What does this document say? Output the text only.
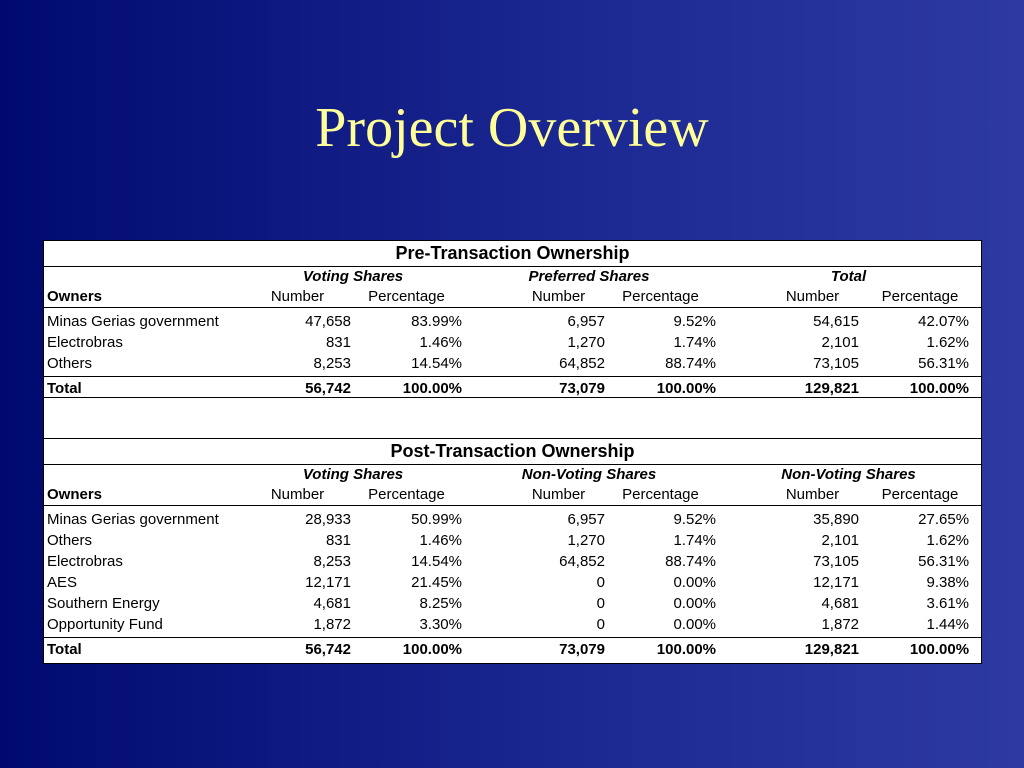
Project Overview
Pre-Transaction Ownership
	Voting Shares		Preferred Shares		Total	
Owners	Number	Percentage	Number	Percentage	Number	Percentage
Minas Gerias government	47,658	83.99%	6,957	9.52%	54,615	42.07%
Electrobras	831	1.46%	1,270	1.74%	2,101	1.62%
Others	8,253	14.54%	64,852	88.74%	73,105	56.31%
Total	56,742	100.00%	73,079	100.00%	129,821	100.00%
Post-Transaction Ownership
	Voting Shares		Non-Voting Shares		Non-Voting Shares	
Owners	Number	Percentage	Number	Percentage	Number	Percentage
Minas Gerias government	28,933	50.99%	6,957	9.52%	35,890	27.65%
Others	831	1.46%	1,270	1.74%	2,101	1.62%
Electrobras	8,253	14.54%	64,852	88.74%	73,105	56.31%
AES	12,171	21.45%	0	0.00%	12,171	9.38%
Southern Energy	4,681	8.25%	0	0.00%	4,681	3.61%
Opportunity Fund	1,872	3.30%	0	0.00%	1,872	1.44%
Total	56,742	100.00%	73,079	100.00%	129,821	100.00%
